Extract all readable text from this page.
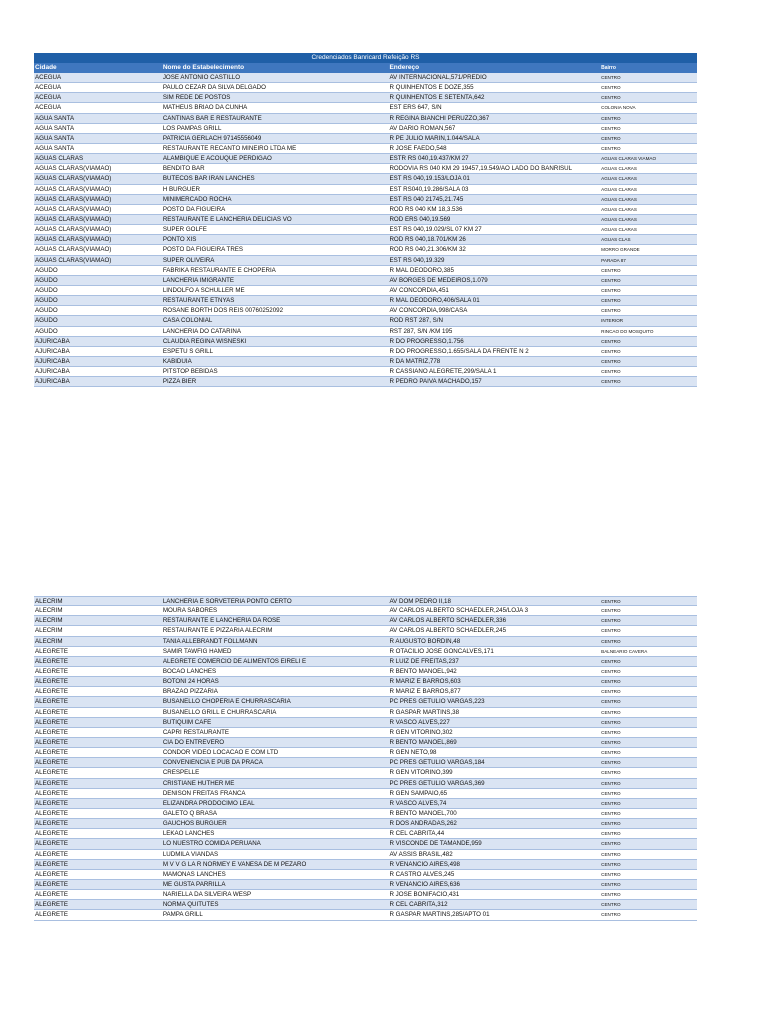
Credenciados Banricard Refeição RS
Cidade	Nome do Estabelecimento	Endereço	Bairro
ACEGUA	JOSE ANTONIO CASTILLO	AV INTERNACIONAL,571/PREDIO	CENTRO
ACEGUA	PAULO CEZAR DA SILVA DELGADO	R QUINHENTOS E DOZE,355	CENTRO
ACEGUA	SIM REDE DE POSTOS	R QUINHENTOS E SETENTA,642	CENTRO
ACEGUA	MATHEUS BRIAO DA CUNHA	EST ERS 647, S/N	COLONIA NOVA
AGUA SANTA	CANTINAS BAR E RESTAURANTE	R REGINA BIANCHI PERUZZO,367	CENTRO
AGUA SANTA	LOS PAMPAS GRILL	AV DARIO ROMAN,567	CENTRO
AGUA SANTA	PATRICIA GERLACH 97145556049	R PE JULIO MARIN,1.044/SALA	CENTRO
AGUA SANTA	RESTAURANTE RECANTO MINEIRO LTDA ME	R JOSE FAEDO,548	CENTRO
AGUAS CLARAS	ALAMBIQUE E ACOUQUE PERDIGAO	ESTR RS 040,19.437/KM 27	AGUAS CLARAS VIAMAO
AGUAS CLARAS(VIAMAO)	BENDITO BAR	RODOVIA RS 040 KM 29 19457,19.549/AO LADO DO BANRISUL	AGUAS CLARAS
AGUAS CLARAS(VIAMAO)	BUTECOS BAR IRAN LANCHES	EST RS 040,19.153/LOJA 01	AGUAS CLARAS
AGUAS CLARAS(VIAMAO)	H BURGUER	EST RS040,19.286/SALA 03	AGUAS CLARAS
AGUAS CLARAS(VIAMAO)	MINIMERCADO ROCHA	EST RS 040 21745,21.745	AGUAS CLARAS
AGUAS CLARAS(VIAMAO)	POSTO DA FIGUEIRA	ROD RS 040 KM 18,3.536	AGUAS CLARAS
AGUAS CLARAS(VIAMAO)	RESTAURANTE E LANCHERIA DELICIAS VO	ROD ERS 040,19.569	AGUAS CLARAS
AGUAS CLARAS(VIAMAO)	SUPER GOLFE	EST RS 040,19.029/SL 07 KM 27	AGUAS CLARAS
AGUAS CLARAS(VIAMAO)	PONTO XIS	ROD RS 040,18.701/KM 26	AGUAS CLAS
AGUAS CLARAS(VIAMAO)	POSTO DA FIGUEIRA TRES	ROD RS 040,21.306/KM 32	MORRO GRANDE
AGUAS CLARAS(VIAMAO)	SUPER OLIVEIRA	EST RS 040,19.329	PARADA 87
AGUDO	FABRIKA RESTAURANTE E CHOPERIA	R MAL DEODORO,385	CENTRO
AGUDO	LANCHERIA IMIGRANTE	AV BORGES DE MEDEIROS,1.079	CENTRO
AGUDO	LINDOLFO A SCHULLER ME	AV CONCORDIA,451	CENTRO
AGUDO	RESTAURANTE ETNYAS	R MAL DEODORO,406/SALA 01	CENTRO
AGUDO	ROSANE BORTH DOS REIS 00760252092	AV CONCORDIA,998/CASA	CENTRO
AGUDO	CASA COLONIAL	ROD RST 287, S/N	INTERIOR
AGUDO	LANCHERIA DO CATARINA	RST 287, S/N /KM 195	RINCAO DO MOSQUITO
AJURICABA	CLAUDIA REGINA WISNESKI	R DO PROGRESSO,1.756	CENTRO
AJURICABA	ESPETU S GRILL	R DO PROGRESSO,1.655/SALA DA FRENTE N 2	CENTRO
AJURICABA	KABIDUIA	R DA MATRIZ,778	CENTRO
AJURICABA	PITSTOP BEBIDAS	R CASSIANO ALEGRETE,299/SALA 1	CENTRO
AJURICABA	PIZZA BIER	R PEDRO PAIVA MACHADO,157	CENTRO
ALECRIM	LANCHERIA E SORVETERIA PONTO CERTO	AV DOM PEDRO II,18	CENTRO
ALECRIM	MOURA SABORES	AV CARLOS ALBERTO SCHAEDLER,245/LOJA 3	CENTRO
ALECRIM	RESTAURANTE E LANCHERIA DA ROSE	AV CARLOS ALBERTO SCHAEDLER,336	CENTRO
ALECRIM	RESTAURANTE E PIZZARIA ALECRIM	AV CARLOS ALBERTO SCHAEDLER,245	CENTRO
ALECRIM	TANIA ALLEBRANDT FOLLMANN	R AUGUSTO BORDIN,48	CENTRO
ALEGRETE	SAMIR TAWFIG HAMED	R OTACILIO JOSE GONCALVES,171	BALNEARIO CAVERA
ALEGRETE	ALEGRETE COMERCIO DE ALIMENTOS EIRELI E	R LUIZ DE FREITAS,237	CENTRO
ALEGRETE	BOCAO LANCHES	R BENTO MANOEL,942	CENTRO
ALEGRETE	BOTONI 24 HORAS	R MARIZ E BARROS,603	CENTRO
ALEGRETE	BRAZAO PIZZARIA	R MARIZ E BARROS,877	CENTRO
ALEGRETE	BUSANELLO CHOPERIA E CHURRASCARIA	PC PRES GETULIO VARGAS,223	CENTRO
ALEGRETE	BUSANELLO GRILL E CHURRASCARIA	R GASPAR MARTINS,38	CENTRO
ALEGRETE	BUTIQUIM CAFE	R VASCO ALVES,227	CENTRO
ALEGRETE	CAPRI RESTAURANTE	R GEN VITORINO,302	CENTRO
ALEGRETE	CIA DO ENTREVERO	R BENTO MANOEL,869	CENTRO
ALEGRETE	CONDOR VIDEO LOCACAO E COM LTD	R GEN NETO,98	CENTRO
ALEGRETE	CONVENIENCIA E PUB DA PRACA	PC PRES GETULIO VARGAS,184	CENTRO
ALEGRETE	CRESPELLE	R GEN VITORINO,399	CENTRO
ALEGRETE	CRISTIANE HUTHER ME	PC PRES GETULIO VARGAS,369	CENTRO
ALEGRETE	DENISON FREITAS FRANCA	R GEN SAMPAIO,65	CENTRO
ALEGRETE	ELIZANDRA PRODOCIMO LEAL	R VASCO ALVES,74	CENTRO
ALEGRETE	GALETO Q BRASA	R BENTO MANOEL,700	CENTRO
ALEGRETE	GAUCHOS BURGUER	R DOS ANDRADAS,262	CENTRO
ALEGRETE	LEKAO LANCHES	R CEL CABRITA,44	CENTRO
ALEGRETE	LO NUESTRO COMIDA PERUANA	R VISCONDE DE TAMANDE,959	CENTRO
ALEGRETE	LUDMILA VIANDAS	AV ASSIS BRASIL,482	CENTRO
ALEGRETE	M V V G LA R NORMEY E VANESA DE M PEZARO	R VENANCIO AIRES,498	CENTRO
ALEGRETE	MAMONAS LANCHES	R CASTRO ALVES,245	CENTRO
ALEGRETE	ME GUSTA PARRILLA	R VENANCIO AIRES,636	CENTRO
ALEGRETE	NARIELLA DA SILVEIRA WESP	R JOSE BONIFACIO,431	CENTRO
ALEGRETE	NORMA QUITUTES	R CEL CABRITA,312	CENTRO
ALEGRETE	PAMPA GRILL	R GASPAR MARTINS,285/APTO 01	CENTRO
